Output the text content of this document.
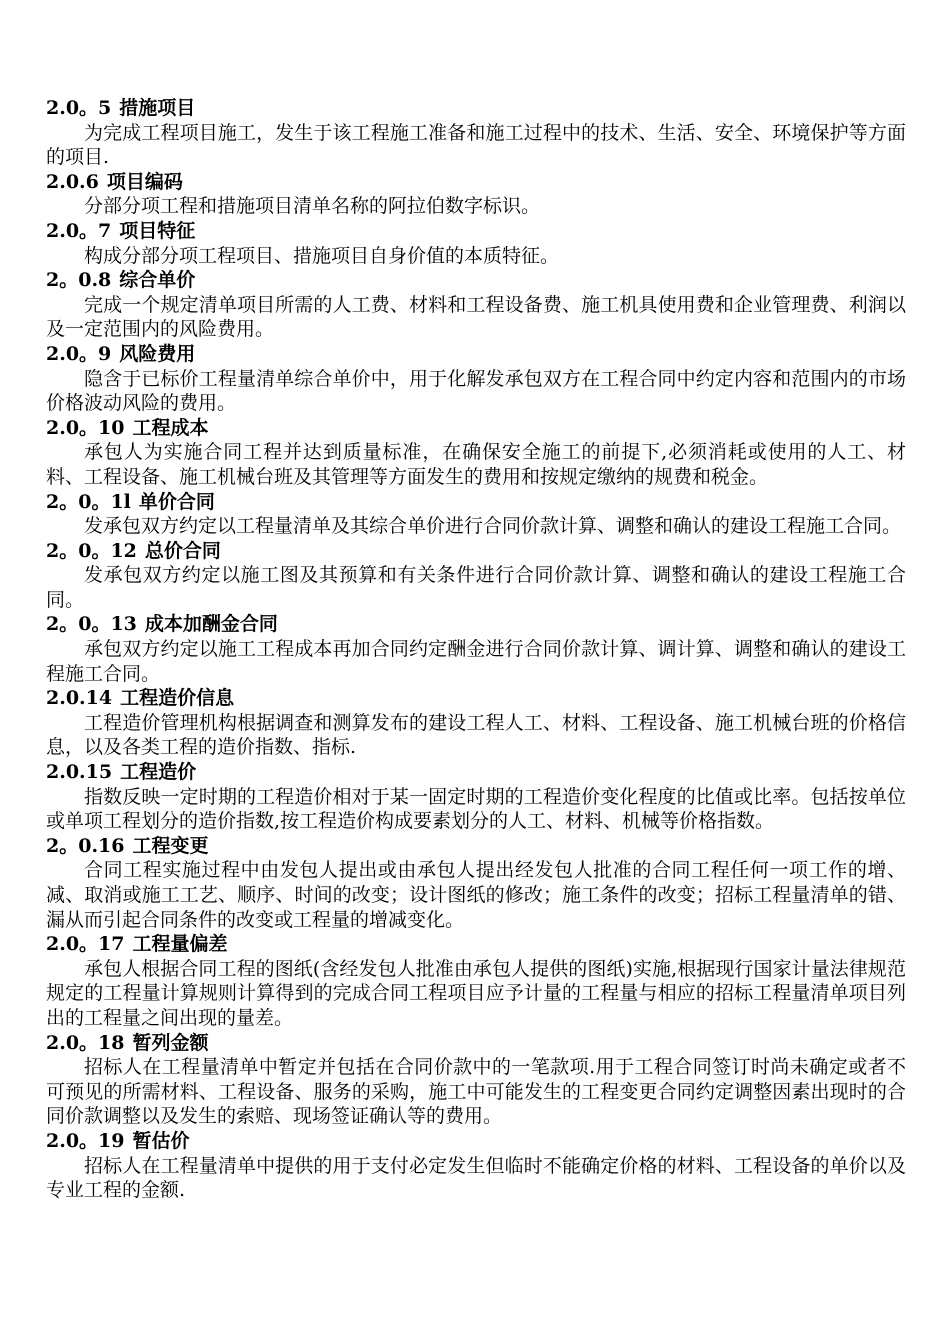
2.0。5 措施项目

为完成工程项目施工，发生于该工程施工准备和施工过程中的技术、生活、安全、环境保护等方面的项目.

2.0.6 项目编码

分部分项工程和措施项目清单名称的阿拉伯数字标识。

2.0。7 项目特征

构成分部分项工程项目、措施项目自身价值的本质特征。

2。0.8 综合单价

完成一个规定清单项目所需的人工费、材料和工程设备费、施工机具使用费和企业管理费、利润以及一定范围内的风险费用。

2.0。9 风险费用

隐含于已标价工程量清单综合单价中，用于化解发承包双方在工程合同中约定内容和范围内的市场价格波动风险的费用。

2.0。10 工程成本

承包人为实施合同工程并达到质量标准，在确保安全施工的前提下,必须消耗或使用的人工、材料、工程设备、施工机械台班及其管理等方面发生的费用和按规定缴纳的规费和税金。

2。0。1l 单价合同

发承包双方约定以工程量清单及其综合单价进行合同价款计算、调整和确认的建设工程施工合同。

2。0。12 总价合同

发承包双方约定以施工图及其预算和有关条件进行合同价款计算、调整和确认的建设工程施工合同。

2。0。13 成本加酬金合同

承包双方约定以施工工程成本再加合同约定酬金进行合同价款计算、调计算、调整和确认的建设工程施工合同。

2.0.14 工程造价信息

工程造价管理机构根据调查和测算发布的建设工程人工、材料、工程设备、施工机械台班的价格信息，以及各类工程的造价指数、指标.

2.0.15 工程造价

指数反映一定时期的工程造价相对于某一固定时期的工程造价变化程度的比值或比率。包括按单位或单项工程划分的造价指数,按工程造价构成要素划分的人工、材料、机械等价格指数。

2。0.16 工程变更

合同工程实施过程中由发包人提出或由承包人提出经发包人批准的合同工程任何一项工作的增、减、取消或施工工艺、顺序、时间的改变；设计图纸的修改；施工条件的改变；招标工程量清单的错、漏从而引起合同条件的改变或工程量的增减变化。

2.0。17 工程量偏差

承包人根据合同工程的图纸(含经发包人批准由承包人提供的图纸)实施,根据现行国家计量法律规范规定的工程量计算规则计算得到的完成合同工程项目应予计量的工程量与相应的招标工程量清单项目列出的工程量之间出现的量差。

2.0。18 暂列金额

招标人在工程量清单中暂定并包括在合同价款中的一笔款项.用于工程合同签订时尚未确定或者不可预见的所需材料、工程设备、服务的采购，施工中可能发生的工程变更合同约定调整因素出现时的合同价款调整以及发生的索赔、现场签证确认等的费用。

2.0。19 暂估价

招标人在工程量清单中提供的用于支付必定发生但临时不能确定价格的材料、工程设备的单价以及专业工程的金额.
